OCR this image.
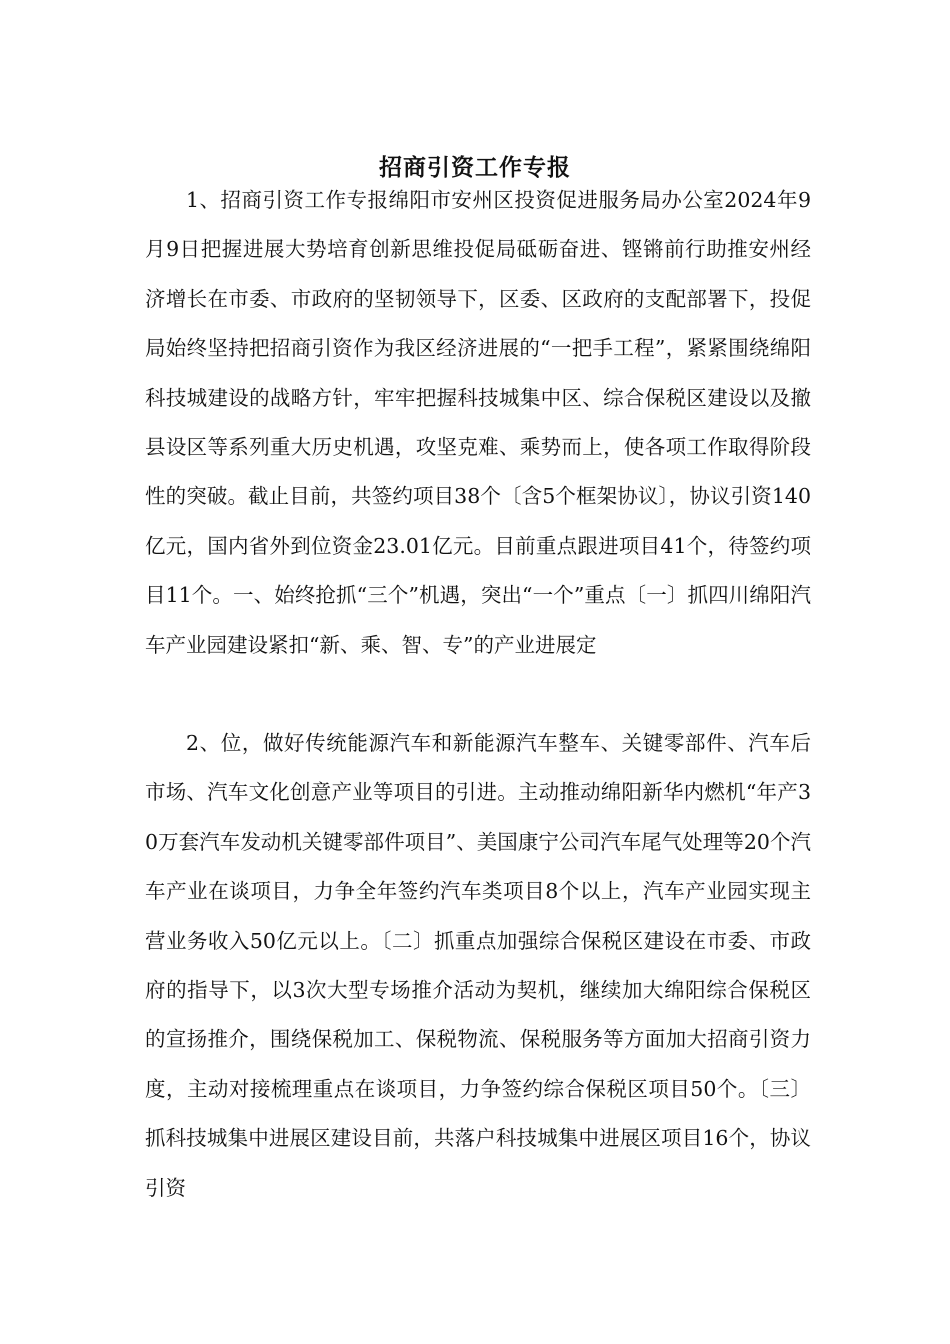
招商引资工作专报

1、招商引资工作专报绵阳市安州区投资促进服务局办公室2024年9月9日把握进展大势培育创新思维投促局砥砺奋进、铿锵前行助推安州经济增长在市委、市政府的坚韧领导下，区委、区政府的支配部署下，投促局始终坚持把招商引资作为我区经济进展的“一把手工程”，紧紧围绕绵阳科技城建设的战略方针，牢牢把握科技城集中区、综合保税区建设以及撤县设区等系列重大历史机遇，攻坚克难、乘势而上，使各项工作取得阶段性的突破。截止目前，共签约项目38个〔含5个框架协议〕，协议引资140亿元，国内省外到位资金23.01亿元。目前重点跟进项目41个，待签约项目11个。一、始终抢抓“三个”机遇，突出“一个”重点〔一〕抓四川绵阳汽车产业园建设紧扣“新、乘、智、专”的产业进展定

2、位，做好传统能源汽车和新能源汽车整车、关键零部件、汽车后市场、汽车文化创意产业等项目的引进。主动推动绵阳新华内燃机“年产30万套汽车发动机关键零部件项目”、美国康宁公司汽车尾气处理等20个汽车产业在谈项目，力争全年签约汽车类项目8个以上，汽车产业园实现主营业务收入50亿元以上。〔二〕抓重点加强综合保税区建设在市委、市政府的指导下，以3次大型专场推介活动为契机，继续加大绵阳综合保税区的宣扬推介，围绕保税加工、保税物流、保税服务等方面加大招商引资力度，主动对接梳理重点在谈项目，力争签约综合保税区项目50个。〔三〕抓科技城集中进展区建设目前，共落户科技城集中进展区项目16个，协议引资
